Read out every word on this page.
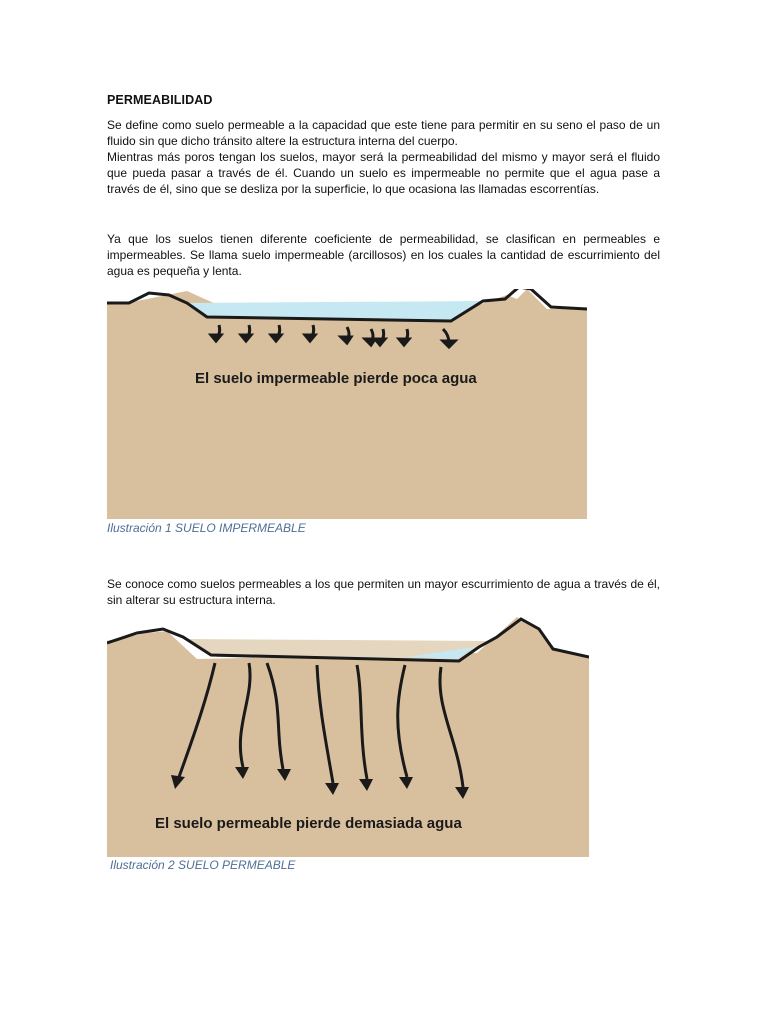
PERMEABILIDAD

Se define como suelo permeable a la capacidad que este tiene para permitir en su seno el paso de un fluido sin que dicho tránsito altere la estructura interna del cuerpo.

Mientras más poros tengan los suelos, mayor será la permeabilidad del mismo y mayor será el fluido que pueda pasar a través de él. Cuando un suelo es impermeable no permite que el agua pase a través de él, sino que se desliza por la superficie, lo que ocasiona las llamadas escorrentías.

Ya que los suelos tienen diferente coeficiente de permeabilidad, se clasifican en permeables e impermeables. Se llama suelo impermeable (arcillosos) en los cuales la cantidad de escurrimiento del agua es pequeña y lenta.

El suelo impermeable pierde poca agua
Ilustración 1 SUELO IMPERMEABLE

Se conoce como suelos permeables a los que permiten un mayor escurrimiento de agua a través de él, sin alterar su estructura interna.

El suelo permeable pierde demasiada agua
Ilustración 2 SUELO PERMEABLE
